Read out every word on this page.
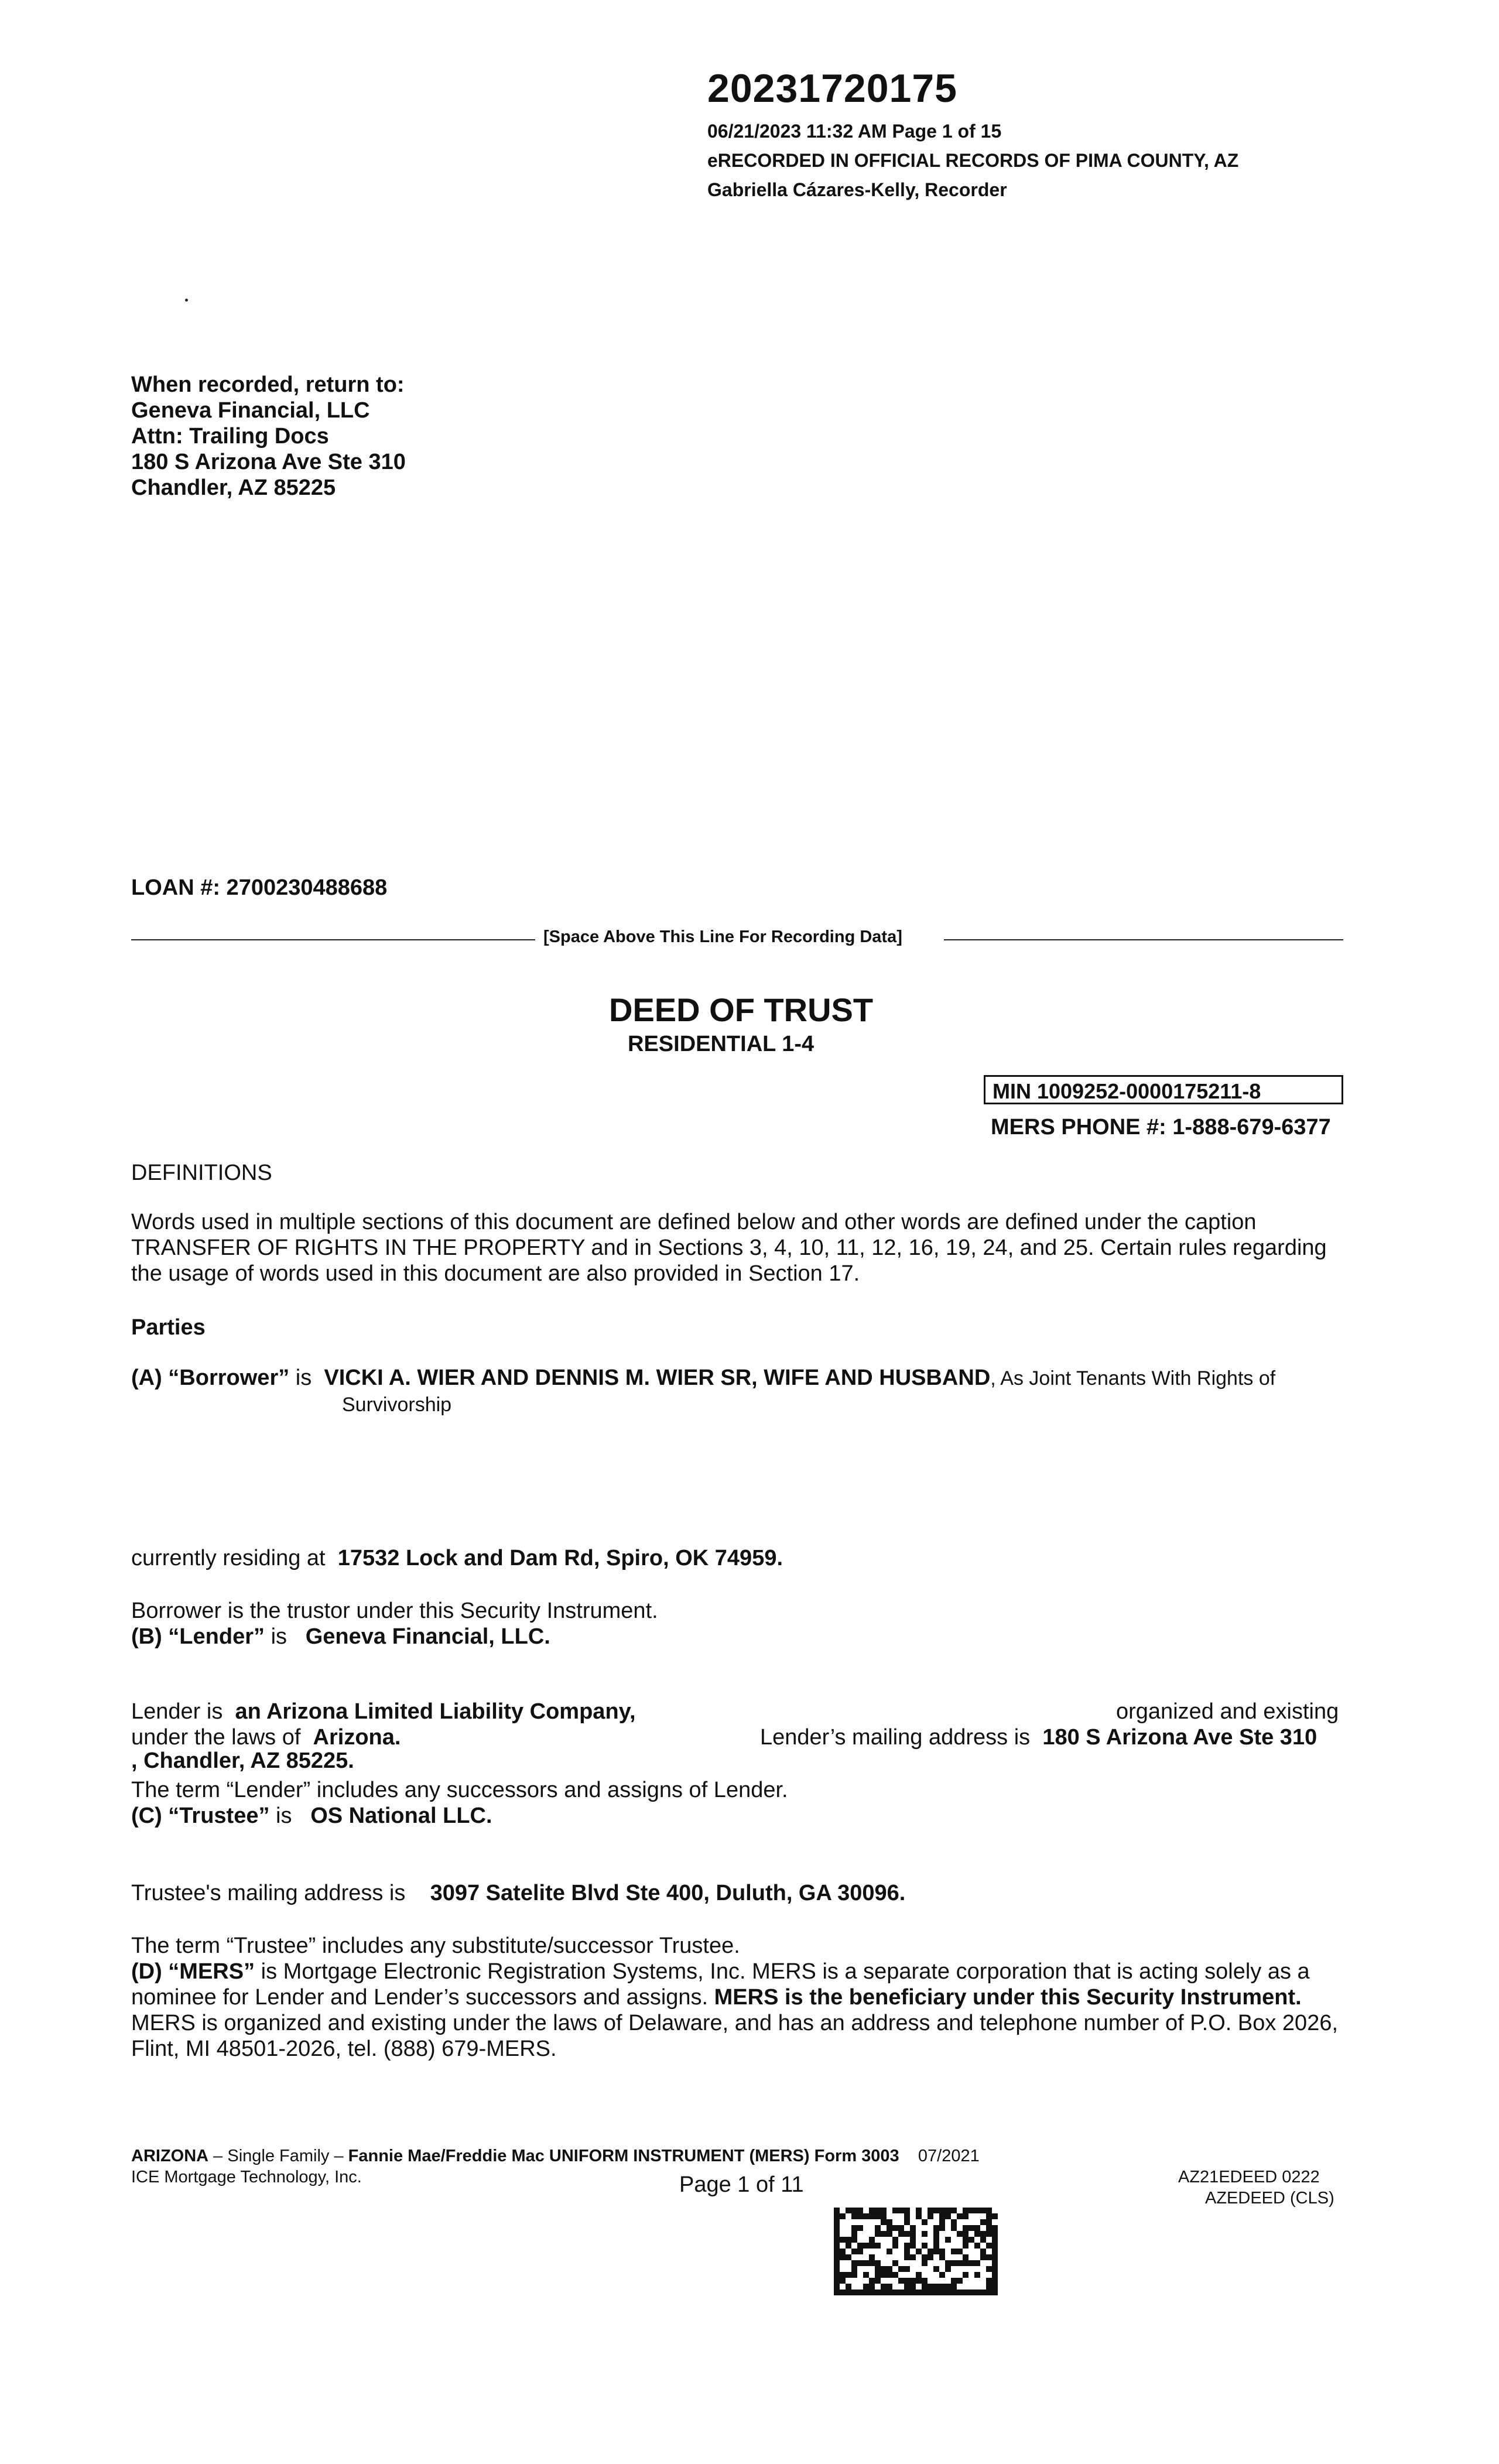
20231720175
06/21/2023 11:32 AM Page 1 of 15
eRECORDED IN OFFICIAL RECORDS OF PIMA COUNTY, AZ
Gabriella Cázares-Kelly, Recorder
When recorded, return to:
Geneva Financial, LLC
Attn: Trailing Docs
180 S Arizona Ave Ste 310
Chandler, AZ 85225
LOAN #: 2700230488688
[Space Above This Line For Recording Data]
DEED OF TRUST
RESIDENTIAL 1-4
MIN 1009252-0000175211-8
MERS PHONE #: 1-888-679-6377
DEFINITIONS
Words used in multiple sections of this document are defined below and other words are defined under the caption
TRANSFER OF RIGHTS IN THE PROPERTY and in Sections 3, 4, 10, 11, 12, 16, 19, 24, and 25. Certain rules regarding
the usage of words used in this document are also provided in Section 17.
Parties
(A) “Borrower” is VICKI A. WIER AND DENNIS M. WIER SR, WIFE AND HUSBAND, As Joint Tenants With Rights of
Survivorship
currently residing at 17532 Lock and Dam Rd, Spiro, OK 74959.
Borrower is the trustor under this Security Instrument.
(B) “Lender” is Geneva Financial, LLC.
Lender is an Arizona Limited Liability Company,	organized and existing
under the laws of Arizona.	Lender’s mailing address is 180 S Arizona Ave Ste 310
, Chandler, AZ 85225.
The term “Lender” includes any successors and assigns of Lender.
(C) “Trustee” is OS National LLC.
Trustee's mailing address is 3097 Satelite Blvd Ste 400, Duluth, GA 30096.
The term “Trustee” includes any substitute/successor Trustee.
(D) “MERS” is Mortgage Electronic Registration Systems, Inc. MERS is a separate corporation that is acting solely as a
nominee for Lender and Lender’s successors and assigns. MERS is the beneficiary under this Security Instrument.
MERS is organized and existing under the laws of Delaware, and has an address and telephone number of P.O. Box 2026,
Flint, MI 48501-2026, tel. (888) 679-MERS.
ARIZONA – Single Family – Fannie Mae/Freddie Mac UNIFORM INSTRUMENT (MERS) Form 3003 07/2021
ICE Mortgage Technology, Inc.	Page 1 of 11	AZ21EDEED 0222
AZEDEED (CLS)
